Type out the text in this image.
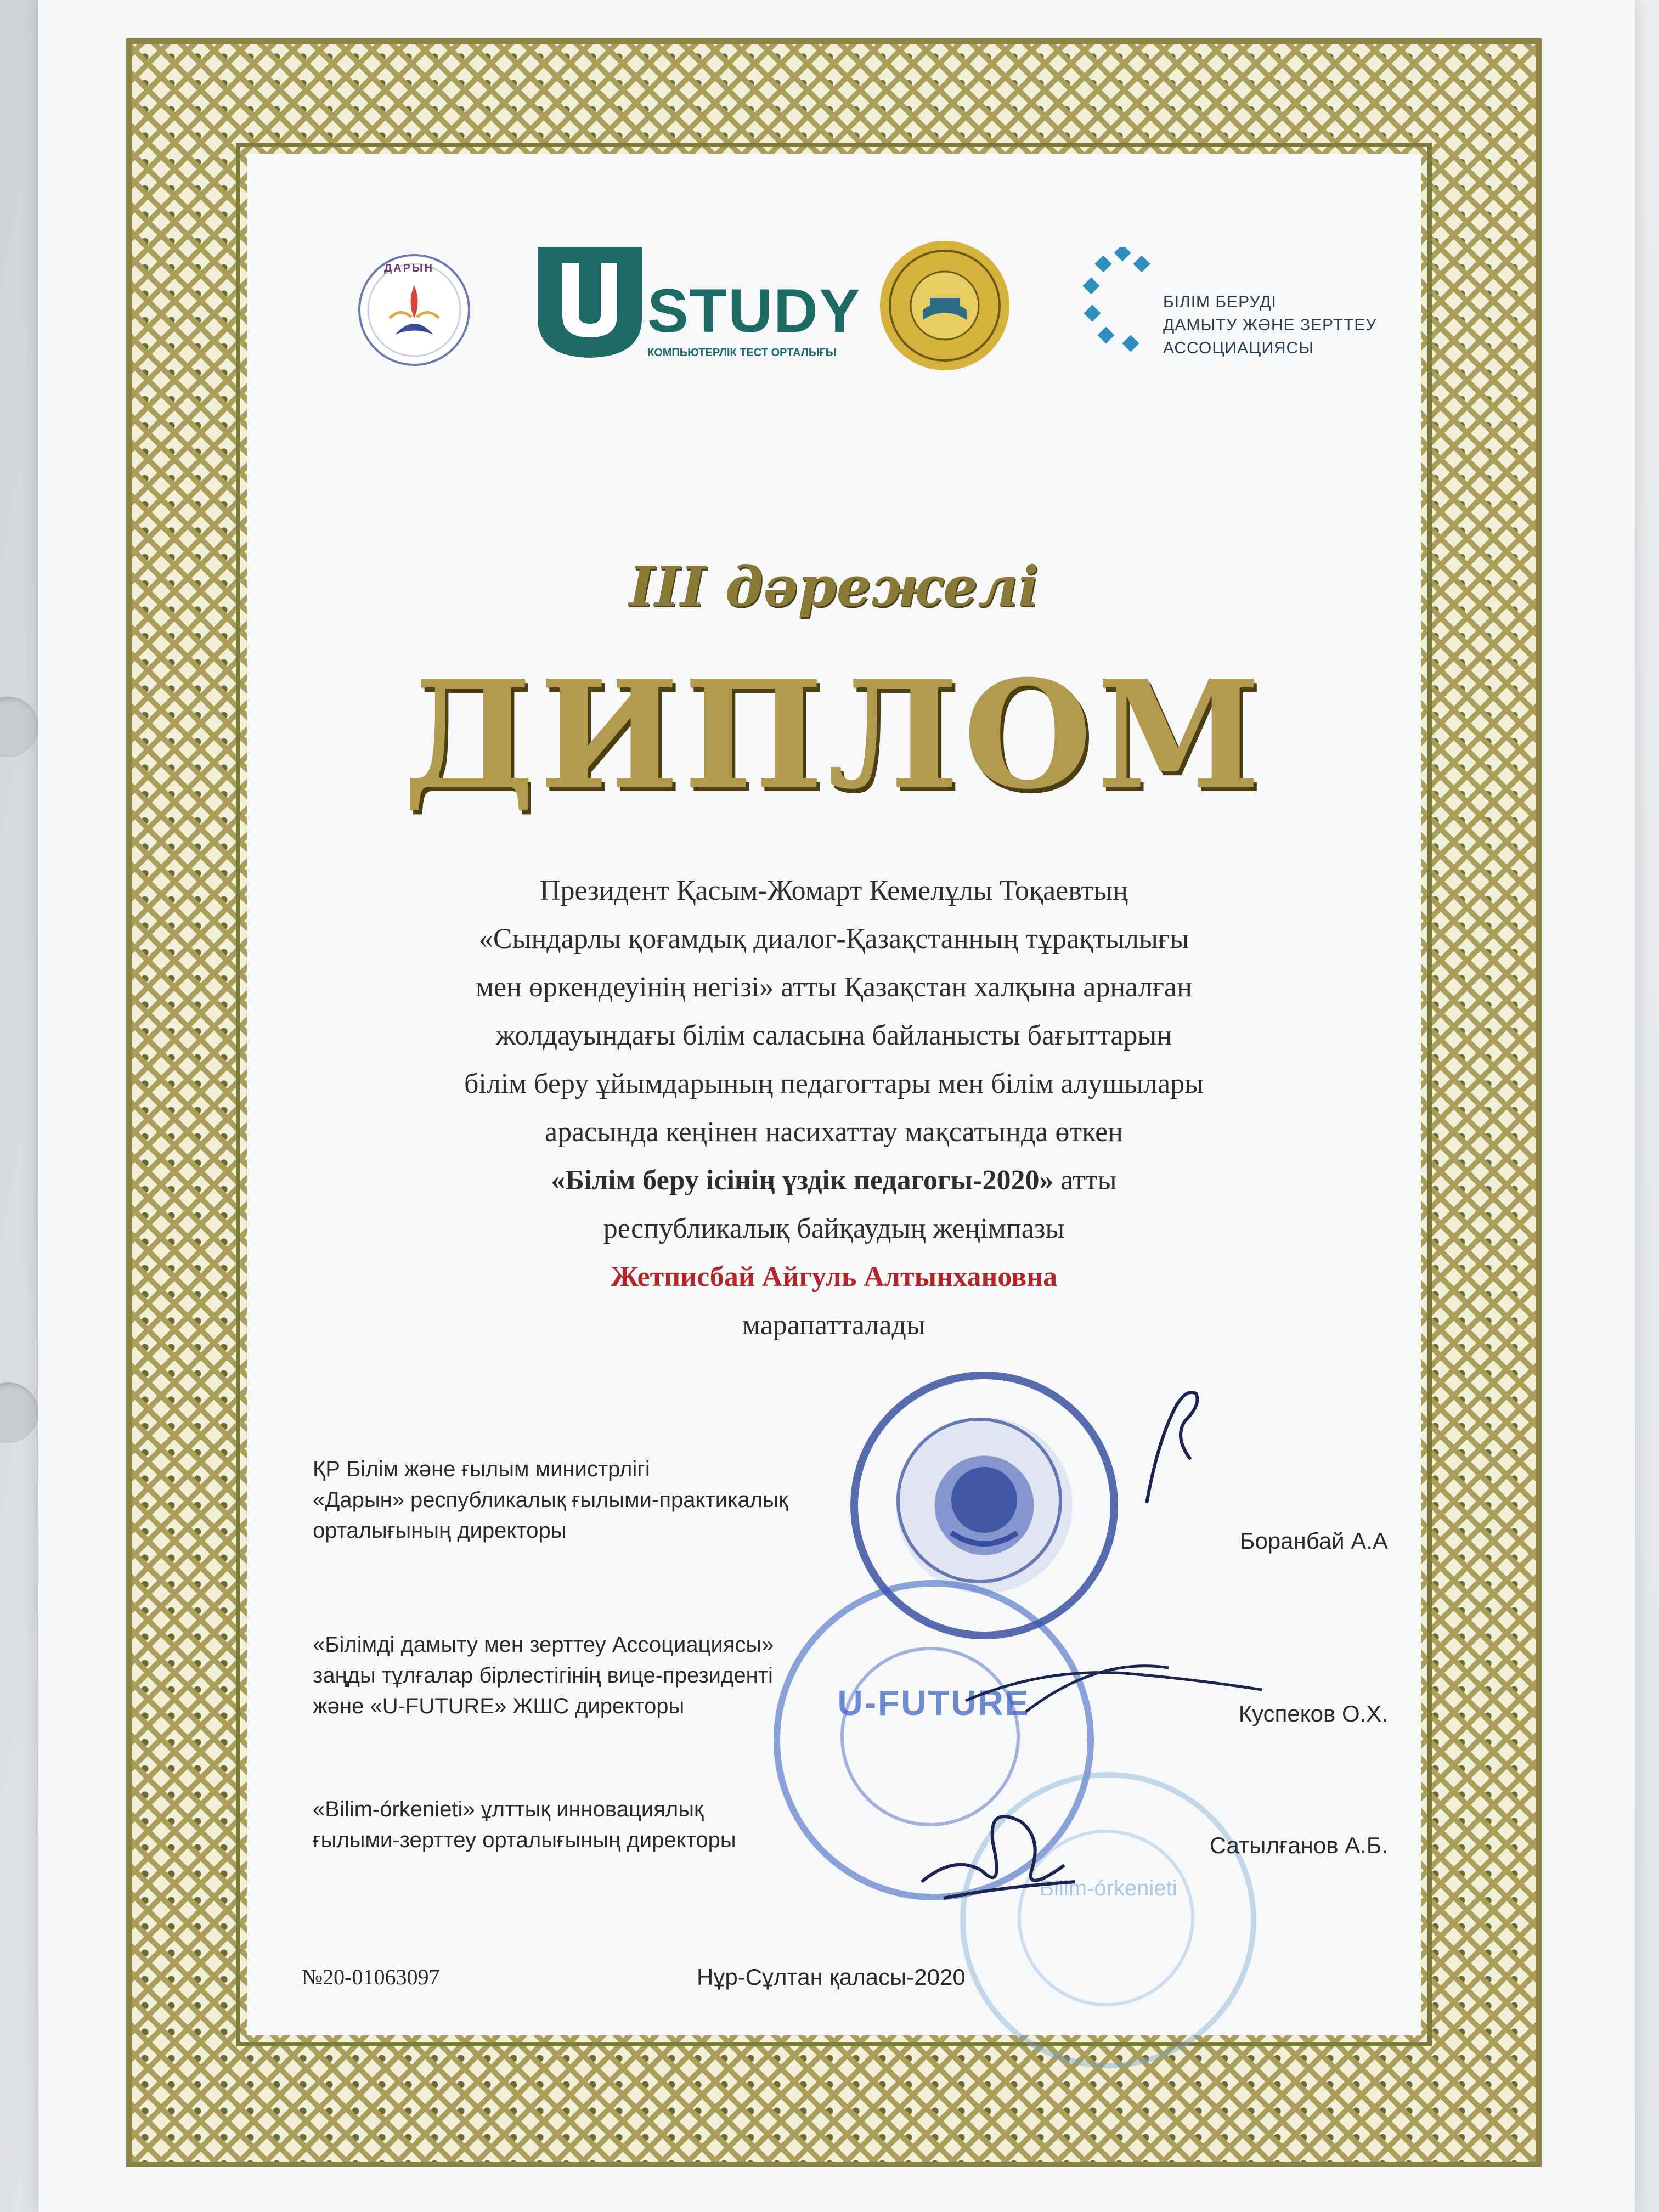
ДАРЫН
STUDY
КОМПЬЮТЕРЛІК ТЕСТ ОРТАЛЫҒЫ
БІЛІМ БЕРУДІ
ДАМЫТУ ЖӘНЕ ЗЕРТТЕУ
АССОЦИАЦИЯСЫ
III дәрежелі
ДИПЛОМ
Президент Қасым-Жомарт Кемелұлы Тоқаевтың
«Сындарлы қоғамдық диалог-Қазақстанның тұрақтылығы
мен өркендеуінің негізі» атты Қазақстан халқына арналған
жолдауындағы білім саласына байланысты бағыттарын
білім беру ұйымдарының педагогтары мен білім алушылары
арасында кеңінен насихаттау мақсатында өткен
«Білім беру ісінің үздік педагогы-2020» атты
республикалық байқаудың жеңімпазы
Жетписбай Айгуль Алтынхановна
марапатталады
U-FUTURE
Bilim-órkenieti
ҚР Білім және ғылым министрлігі
«Дарын» республикалық ғылыми-практикалық
орталығының директоры	Боранбай А.А
«Білімді дамыту мен зерттеу Ассоциациясы»
заңды тұлғалар бірлестігінің вице-президенті
және «U-FUTURE» ЖШС директоры	Куспеков О.Х.
«Bilim-órkenieti» ұлттық инновациялық
ғылыми-зерттеу орталығының директоры	Сатылғанов А.Б.
№20-01063097	Нұр-Сұлтан қаласы-2020
